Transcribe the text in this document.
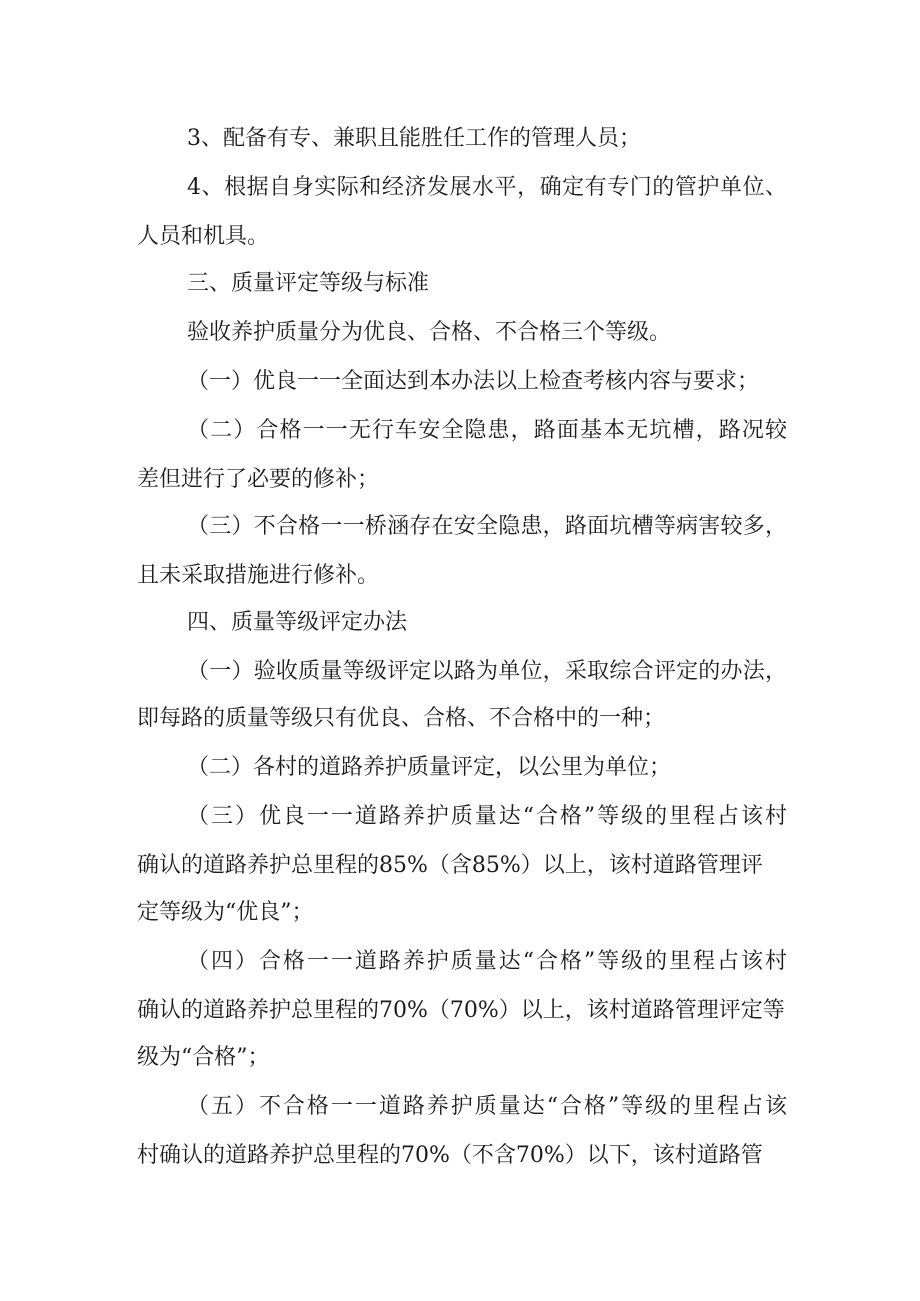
3、配备有专、兼职且能胜任工作的管理人员；
4、根据自身实际和经济发展水平，确定有专门的管护单位、
人员和机具。
三、质量评定等级与标准
验收养护质量分为优良、合格、不合格三个等级。
（一）优良一一全面达到本办法以上检查考核内容与要求；
（二）合格一一无行车安全隐患，路面基本无坑槽，路况较
差但进行了必要的修补；
（三）不合格一一桥涵存在安全隐患，路面坑槽等病害较多，
且未采取措施进行修补。
四、质量等级评定办法
（一）验收质量等级评定以路为单位，采取综合评定的办法，
即每路的质量等级只有优良、合格、不合格中的一种；
（二）各村的道路养护质量评定，以公里为单位；
（三）优良一一道路养护质量达“合格”等级的里程占该村
确认的道路养护总里程的85%（含85%）以上，该村道路管理评
定等级为“优良”；
（四）合格一一道路养护质量达“合格”等级的里程占该村
确认的道路养护总里程的70%（70%）以上，该村道路管理评定等
级为“合格”；
（五）不合格一一道路养护质量达“合格”等级的里程占该
村确认的道路养护总里程的70%（不含70%）以下，该村道路管
